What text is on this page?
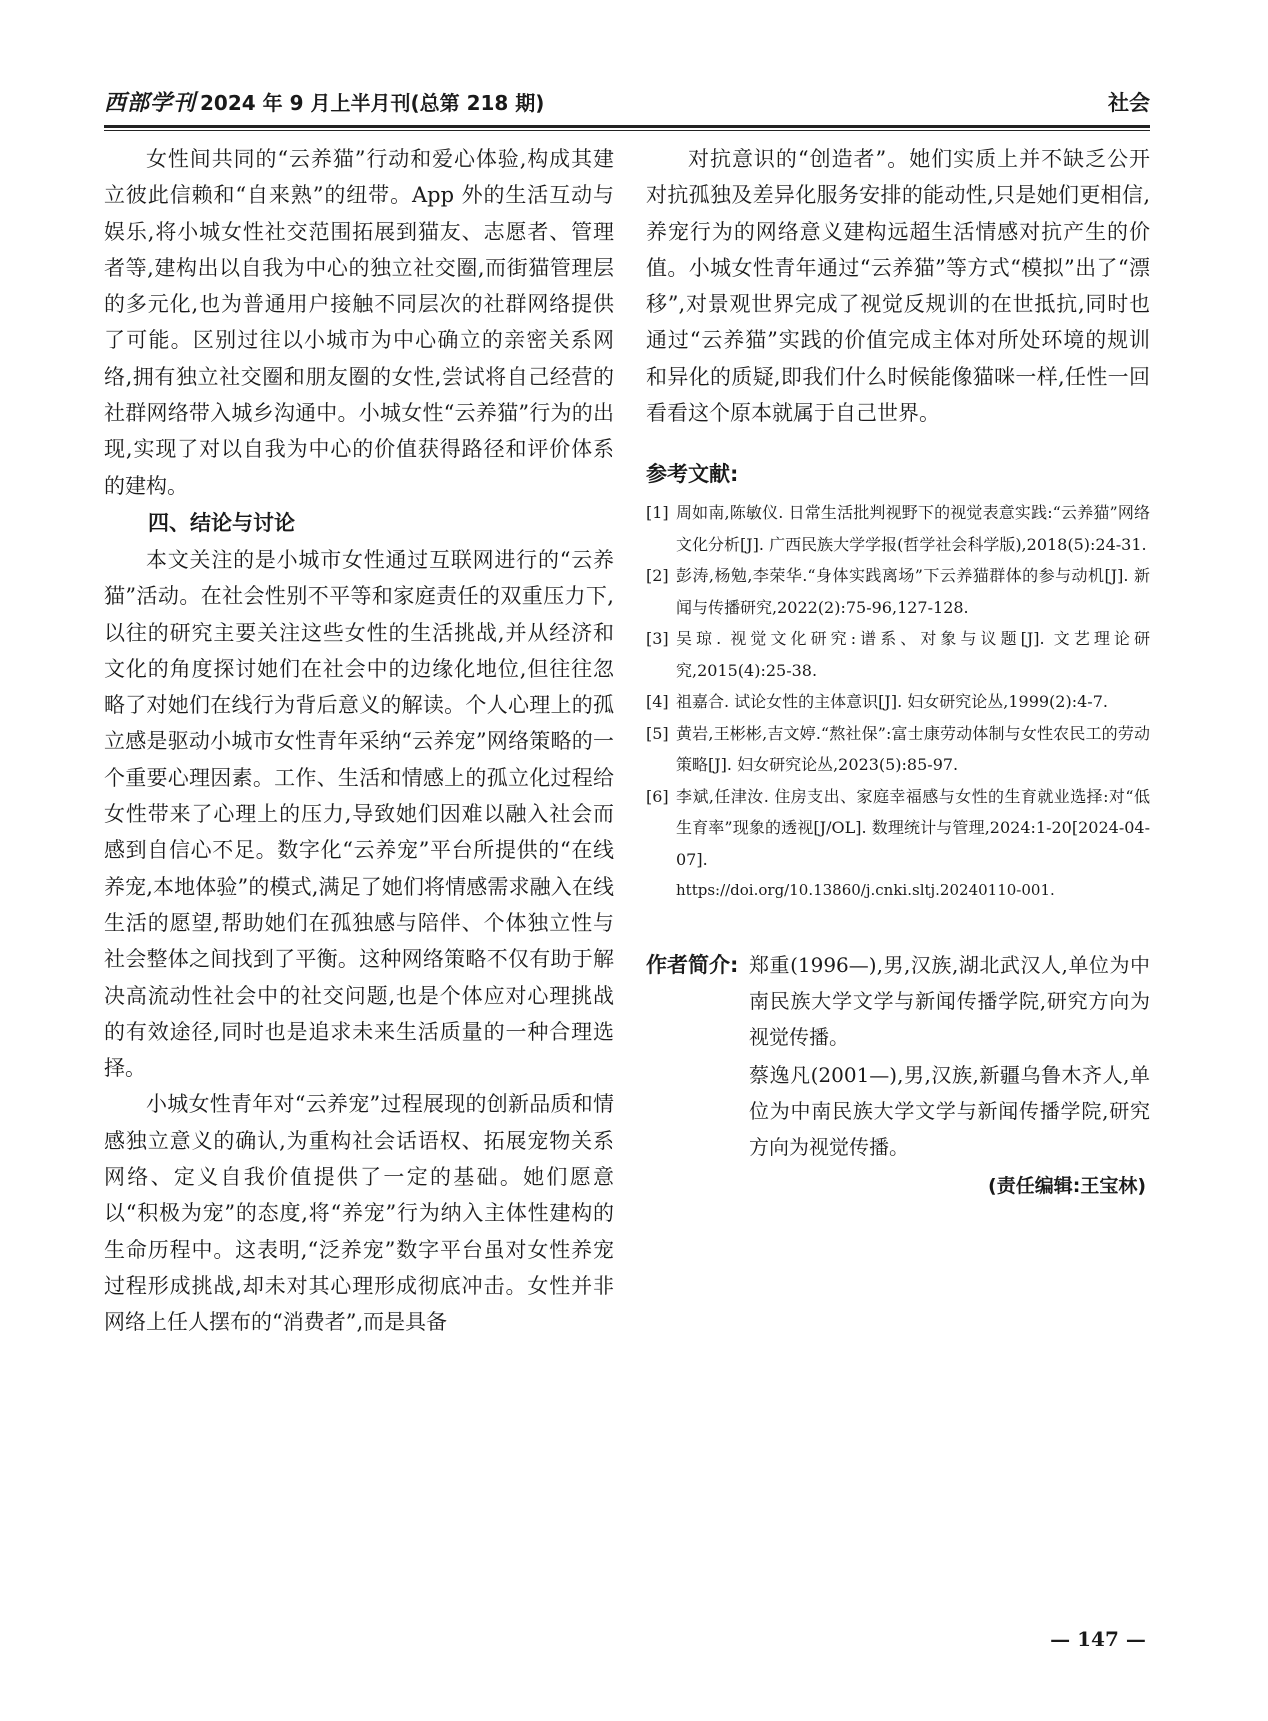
西部学刊 2024 年 9 月上半月刊(总第 218 期)	社会

女性间共同的“云养猫”行动和爱心体验,构成其建立彼此信赖和“自来熟”的纽带。App 外的生活互动与娱乐,将小城女性社交范围拓展到猫友、志愿者、管理者等,建构出以自我为中心的独立社交圈,而街猫管理层的多元化,也为普通用户接触不同层次的社群网络提供了可能。区别过往以小城市为中心确立的亲密关系网络,拥有独立社交圈和朋友圈的女性,尝试将自己经营的社群网络带入城乡沟通中。小城女性“云养猫”行为的出现,实现了对以自我为中心的价值获得路径和评价体系的建构。

四、结论与讨论

本文关注的是小城市女性通过互联网进行的“云养猫”活动。在社会性别不平等和家庭责任的双重压力下,以往的研究主要关注这些女性的生活挑战,并从经济和文化的角度探讨她们在社会中的边缘化地位,但往往忽略了对她们在线行为背后意义的解读。个人心理上的孤立感是驱动小城市女性青年采纳“云养宠”网络策略的一个重要心理因素。工作、生活和情感上的孤立化过程给女性带来了心理上的压力,导致她们因难以融入社会而感到自信心不足。数字化“云养宠”平台所提供的“在线养宠,本地体验”的模式,满足了她们将情感需求融入在线生活的愿望,帮助她们在孤独感与陪伴、个体独立性与社会整体之间找到了平衡。这种网络策略不仅有助于解决高流动性社会中的社交问题,也是个体应对心理挑战的有效途径,同时也是追求未来生活质量的一种合理选择。

小城女性青年对“云养宠”过程展现的创新品质和情感独立意义的确认,为重构社会话语权、拓展宠物关系网络、定义自我价值提供了一定的基础。她们愿意以“积极为宠”的态度,将“养宠”行为纳入主体性建构的生命历程中。这表明,“泛养宠”数字平台虽对女性养宠过程形成挑战,却未对其心理形成彻底冲击。女性并非网络上任人摆布的“消费者”,而是具备

对抗意识的“创造者”。她们实质上并不缺乏公开对抗孤独及差异化服务安排的能动性,只是她们更相信,养宠行为的网络意义建构远超生活情感对抗产生的价值。小城女性青年通过“云养猫”等方式“模拟”出了“漂移”,对景观世界完成了视觉反规训的在世抵抗,同时也通过“云养猫”实践的价值完成主体对所处环境的规训和异化的质疑,即我们什么时候能像猫咪一样,任性一回看看这个原本就属于自己世界。

参考文献:

[1] 周如南,陈敏仪. 日常生活批判视野下的视觉表意实践:“云养猫”网络文化分析[J]. 广西民族大学学报(哲学社会科学版),2018(5):24-31.

[2] 彭涛,杨勉,李荣华.“身体实践离场”下云养猫群体的参与动机[J]. 新闻与传播研究,2022(2):75-96,127-128.

[3] 吴琼. 视觉文化研究:谱系、对象与议题[J]. 文艺理论研究,2015(4):25-38.

[4] 祖嘉合. 试论女性的主体意识[J]. 妇女研究论丛,1999(2):4-7.

[5] 黄岩,王彬彬,吉文婷.“熬社保”:富士康劳动体制与女性农民工的劳动策略[J]. 妇女研究论丛,2023(5):85-97.

[6] 李斌,任津汝. 住房支出、家庭幸福感与女性的生育就业选择:对“低生育率”现象的透视[J/OL]. 数理统计与管理,2024:1-20[2024-04-07].

https://doi.org/10.13860/j.cnki.sltj.20240110-001.

作者简介: 郑重(1996—),男,汉族,湖北武汉人,单位为中南民族大学文学与新闻传播学院,研究方向为视觉传播。

蔡逸凡(2001—),男,汉族,新疆乌鲁木齐人,单位为中南民族大学文学与新闻传播学院,研究方向为视觉传播。

(责任编辑:王宝林)

— 147 —
